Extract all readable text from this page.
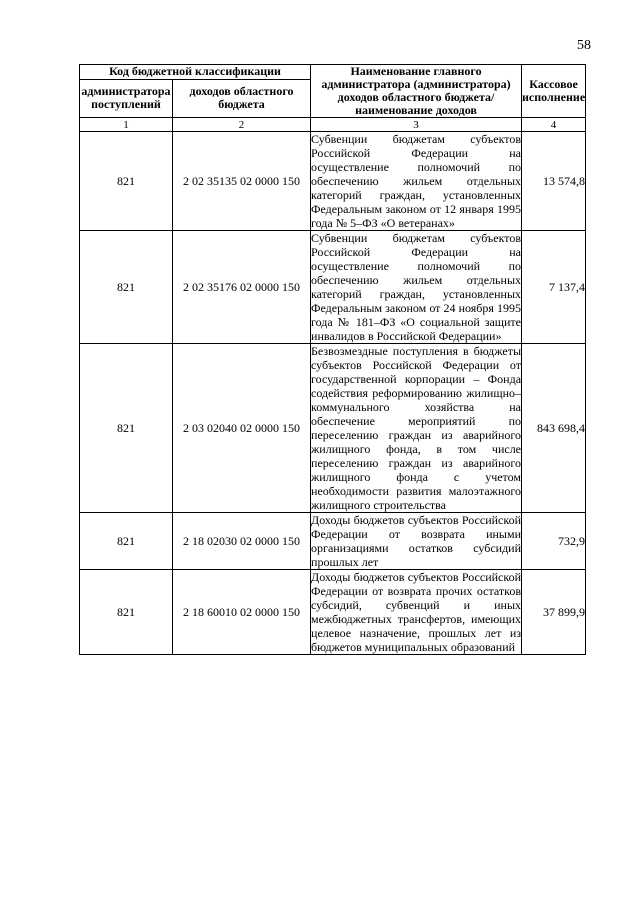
58
Код бюджетной классификации		Наименование главного администратора (администратора) доходов областного бюджета/ наименование доходов	Кассовое исполнение
администратора поступлений	доходов областного бюджета		
1	2	3	4
821	2 02 35135 02 0000 150	Субвенции бюджетам субъектов Российской Федерации на осуществление полномочий по обеспечению жильем отдельных категорий граждан, установленных Федеральным законом от 12 января 1995 года № 5–ФЗ «О ветеранах»	13 574,8
821	2 02 35176 02 0000 150	Субвенции бюджетам субъектов Российской Федерации на осуществление полномочий по обеспечению жильем отдельных категорий граждан, установленных Федеральным законом от 24 ноября 1995 года № 181–ФЗ «О социальной защите инвалидов в Российской Федерации»	7 137,4
821	2 03 02040 02 0000 150	Безвозмездные поступления в бюджеты субъектов Российской Федерации от государственной корпорации – Фонда содействия реформированию жилищно–коммунального хозяйства на обеспечение мероприятий по переселению граждан из аварийного жилищного фонда, в том числе переселению граждан из аварийного жилищного фонда с учетом необходимости развития малоэтажного жилищного строительства	843 698,4
821	2 18 02030 02 0000 150	Доходы бюджетов субъектов Российской Федерации от возврата иными организациями остатков субсидий прошлых лет	732,9
821	2 18 60010 02 0000 150	Доходы бюджетов субъектов Российской Федерации от возврата прочих остатков субсидий, субвенций и иных межбюджетных трансфертов, имеющих целевое назначение, прошлых лет из бюджетов муниципальных образований	37 899,9
